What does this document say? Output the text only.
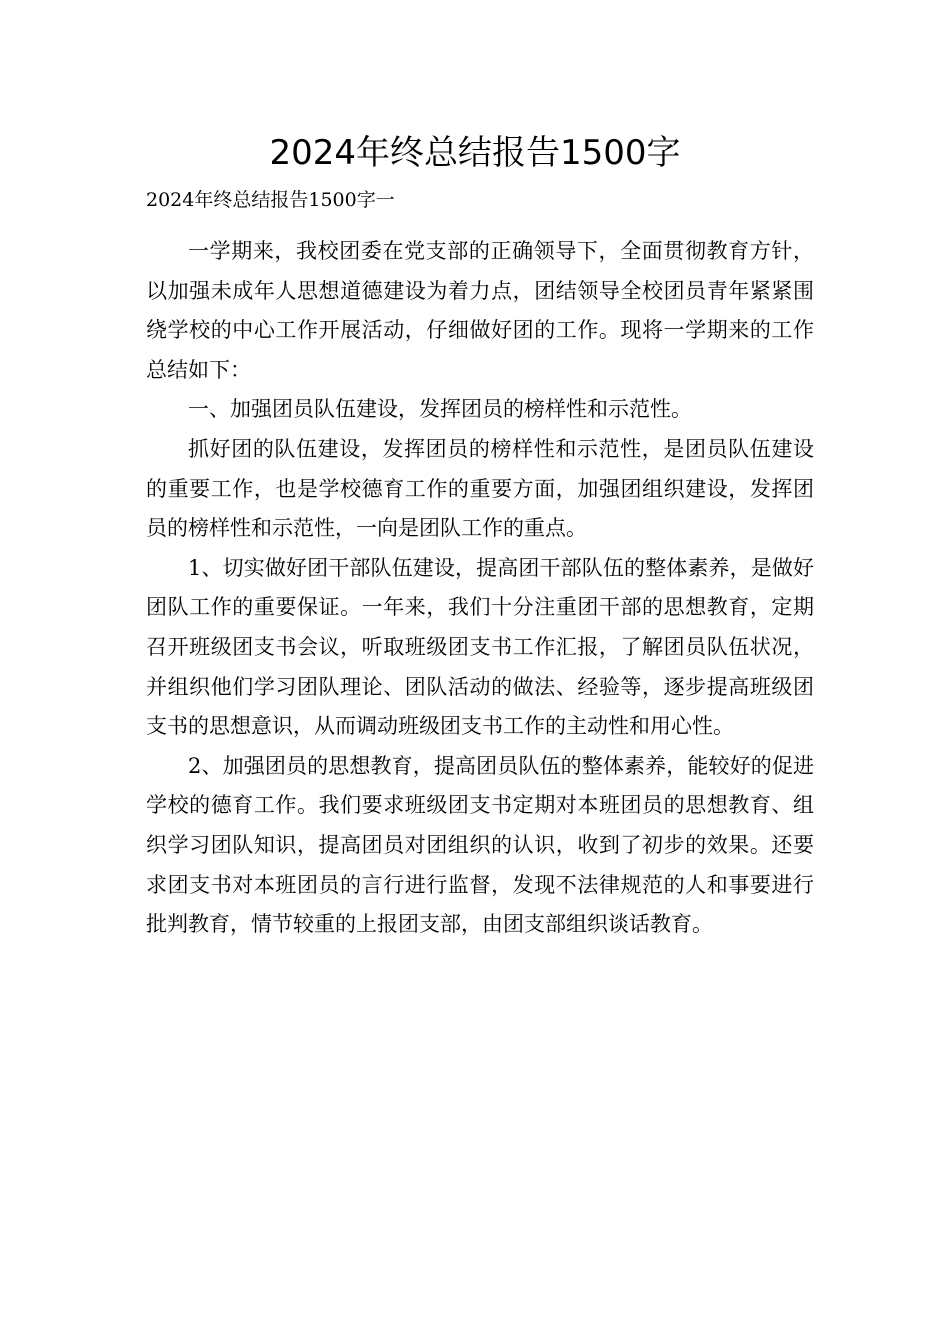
2024年终总结报告1500字

2024年终总结报告1500字一

一学期来，我校团委在党支部的正确领导下，全面贯彻教育方针，以加强未成年人思想道德建设为着力点，团结领导全校团员青年紧紧围绕学校的中心工作开展活动，仔细做好团的工作。现将一学期来的工作总结如下：

一、加强团员队伍建设，发挥团员的榜样性和示范性。

抓好团的队伍建设，发挥团员的榜样性和示范性，是团员队伍建设的重要工作，也是学校德育工作的重要方面，加强团组织建设，发挥团员的榜样性和示范性，一向是团队工作的重点。

1、切实做好团干部队伍建设，提高团干部队伍的整体素养，是做好团队工作的重要保证。一年来，我们十分注重团干部的思想教育，定期召开班级团支书会议，听取班级团支书工作汇报，了解团员队伍状况，并组织他们学习团队理论、团队活动的做法、经验等，逐步提高班级团支书的思想意识，从而调动班级团支书工作的主动性和用心性。

2、加强团员的思想教育，提高团员队伍的整体素养，能较好的促进学校的德育工作。我们要求班级团支书定期对本班团员的思想教育、组织学习团队知识，提高团员对团组织的认识，收到了初步的效果。还要求团支书对本班团员的言行进行监督，发现不法律规范的人和事要进行批判教育，情节较重的上报团支部，由团支部组织谈话教育。
